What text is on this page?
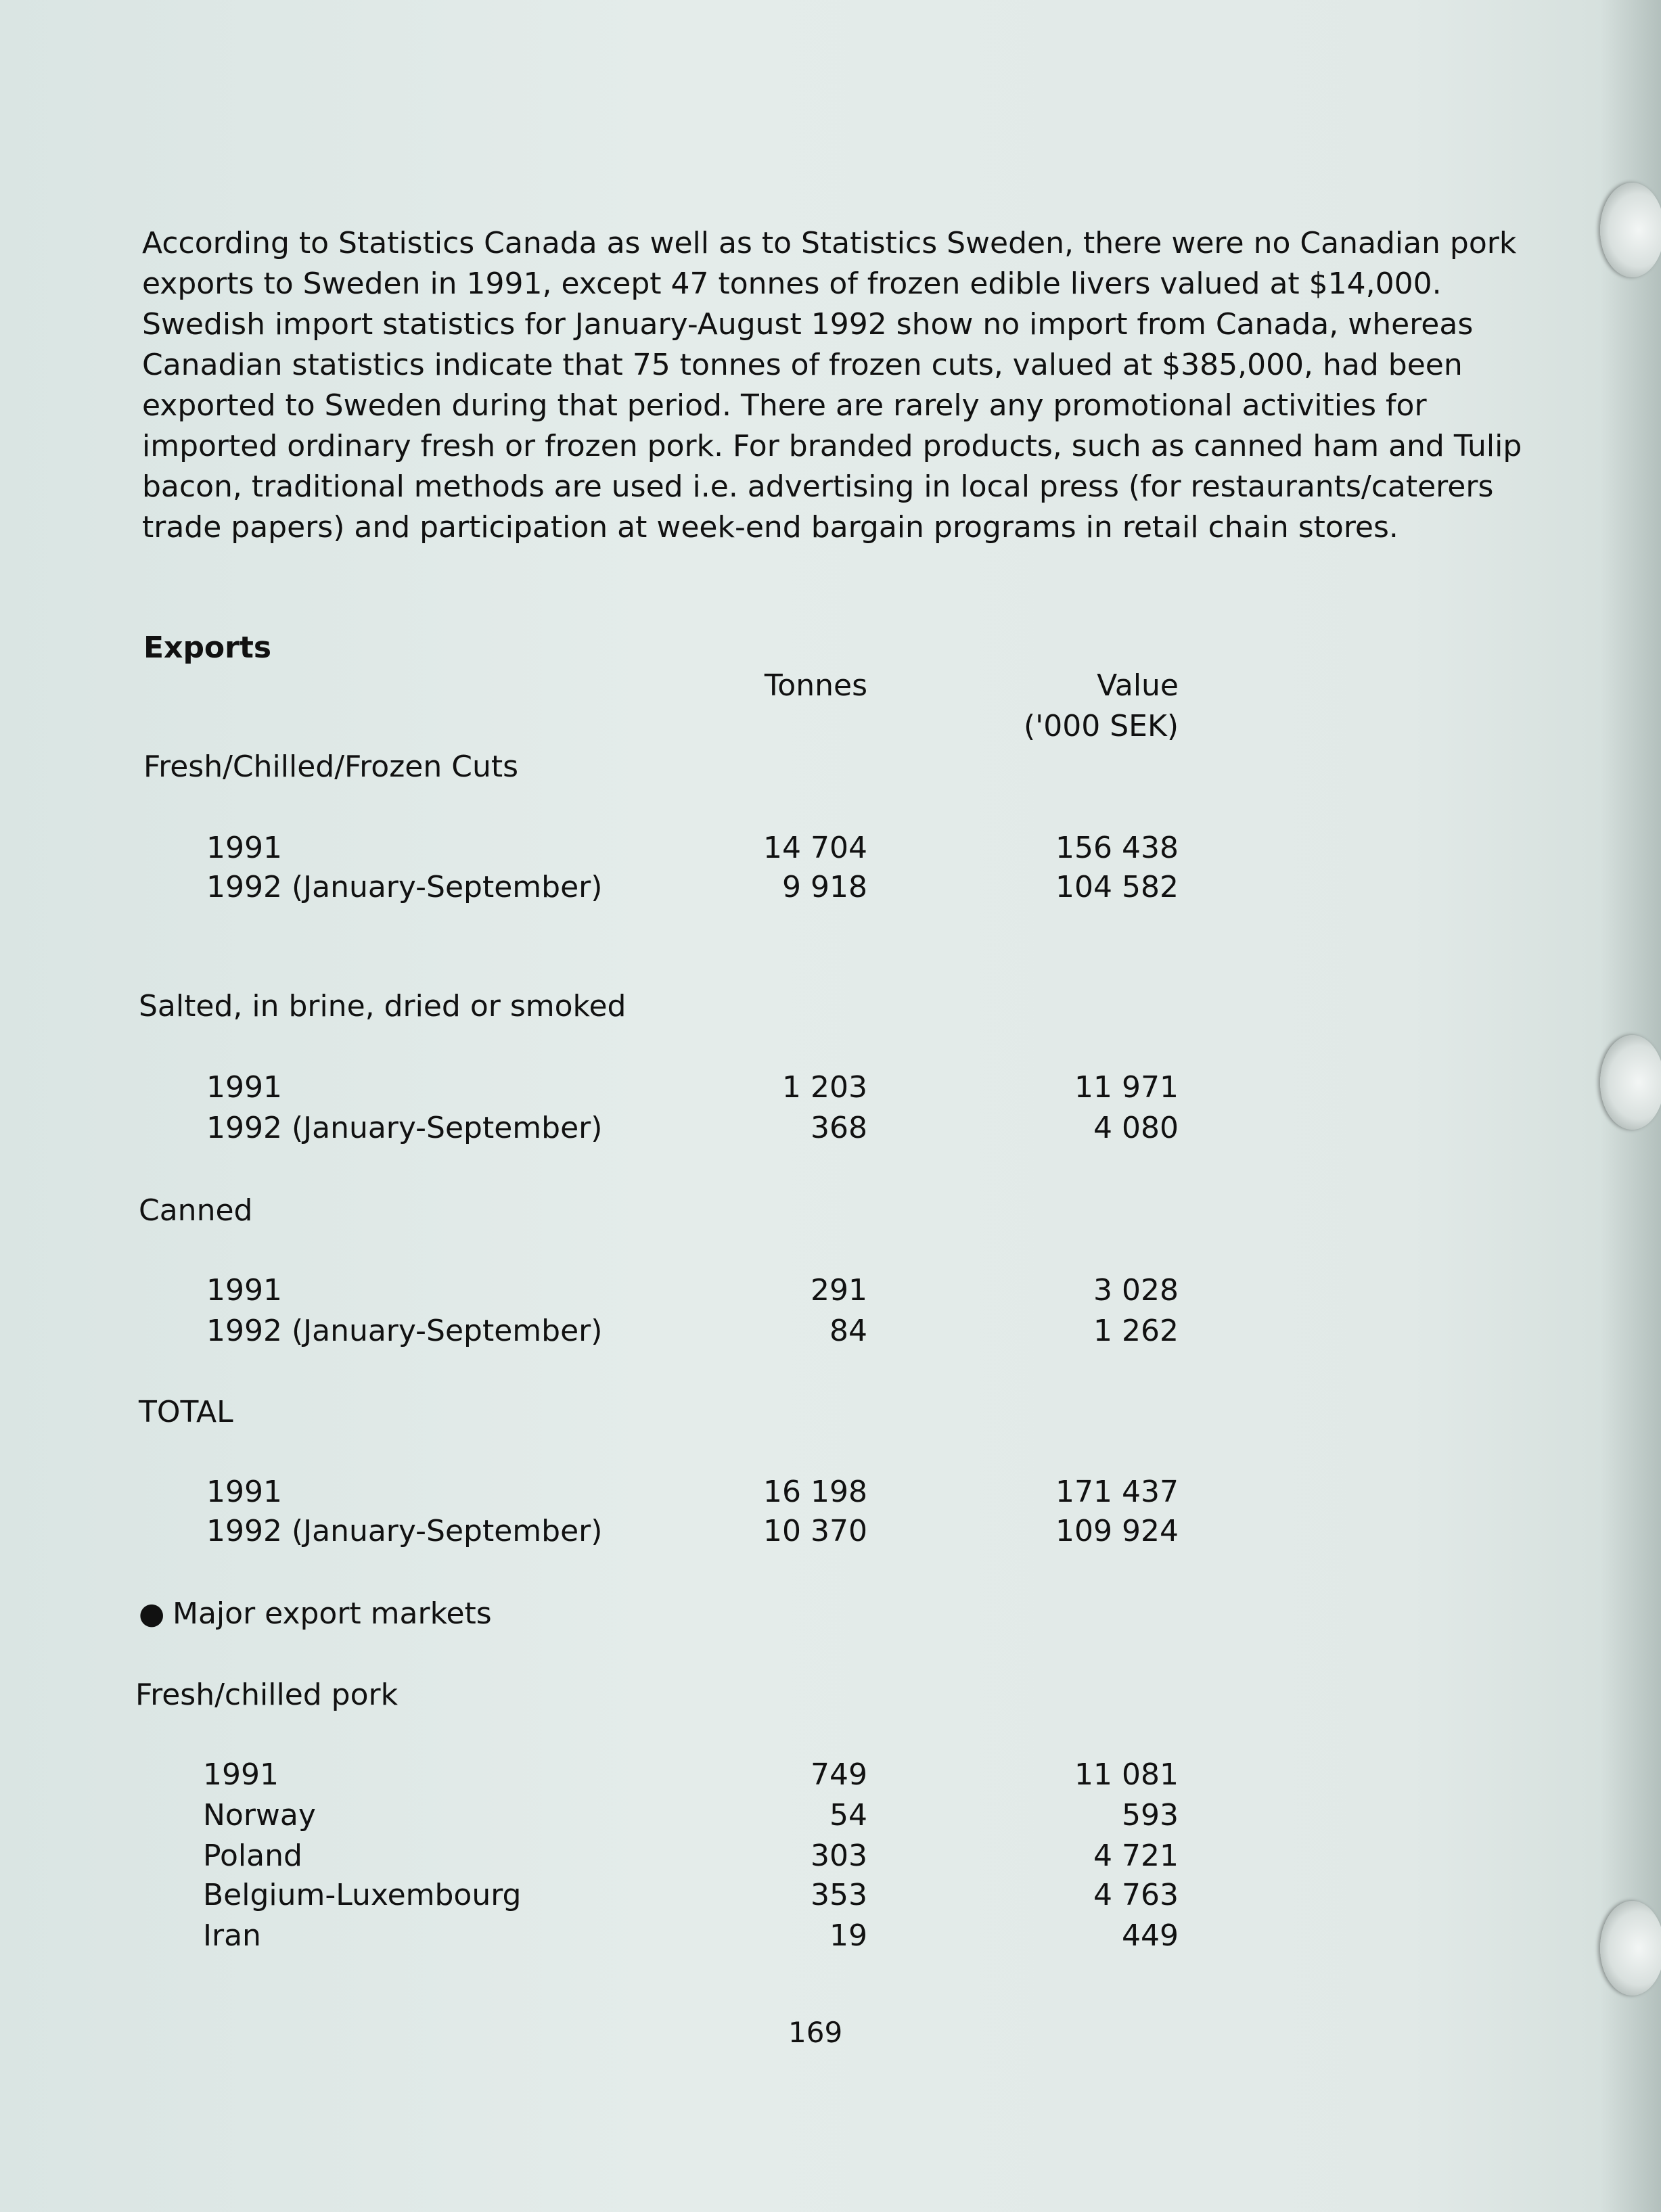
According to Statistics Canada as well as to Statistics Sweden, there were no Canadian pork exports to Sweden in 1991, except 47 tonnes of frozen edible livers valued at $14,000. Swedish import statistics for January-August 1992 show no import from Canada, whereas Canadian statistics indicate that 75 tonnes of frozen cuts, valued at $385,000, had been exported to Sweden during that period. There are rarely any promotional activities for imported ordinary fresh or frozen pork. For branded products, such as canned ham and Tulip bacon, traditional methods are used i.e. advertising in local press (for restaurants/caterers trade papers) and participation at week-end bargain programs in retail chain stores.

Exports
Tonnes	Value
('000 SEK)
Fresh/Chilled/Frozen Cuts
1991	14 704	156 438
1992 (January-September)	9 918	104 582
Salted, in brine, dried or smoked
1991	1 203	11 971
1992 (January-September)	368	4 080
Canned
1991	291	3 028
1992 (January-September)	84	1 262
TOTAL
1991	16 198	171 437
1992 (January-September)	10 370	109 924
● Major export markets
Fresh/chilled pork
1991	749	11 081
Norway	54	593
Poland	303	4 721
Belgium-Luxembourg	353	4 763
Iran	19	449
169
